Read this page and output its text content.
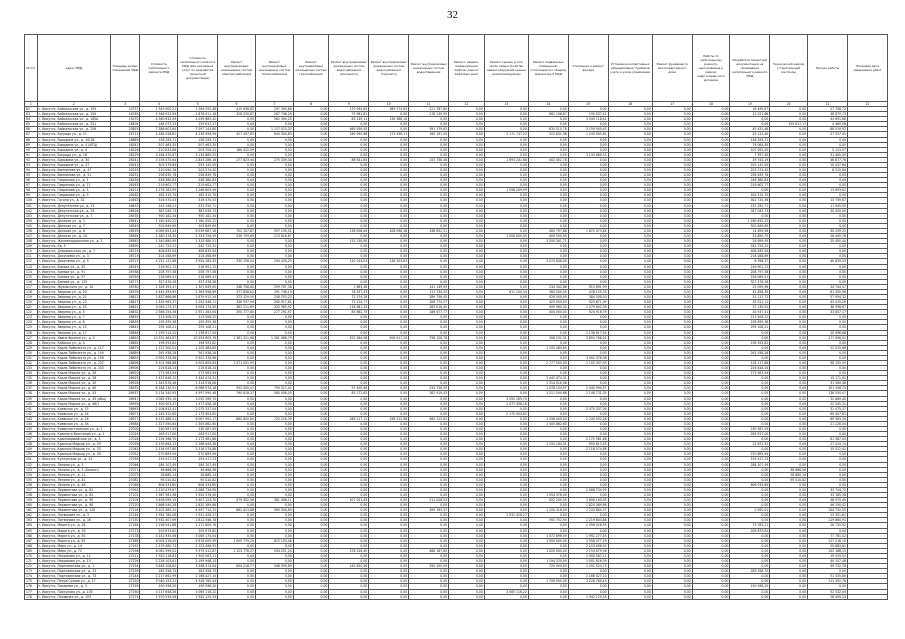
32
№ п/п	Адрес МКД	Площадь жилых помещений МКД	Стоимость капитального ремонта МКД	Стоимость капитального ремонта МКД (без указанных услуг по разработке проектной документации)	Ремонт внутридомовых инженерных систем электроснабжения	Ремонт внутридомовых инженерных систем теплоснабжения	Ремонт внутридомовых инженерных систем газоснабжения	Ремонт внутридомовых инженерных систем водоснабжения (холодного)	Ремонт внутридомовых инженерных систем водоснабжения (горячего)	Ремонт внутридомовых инженерных систем водоотведения	Ремонт, замена, модернизация лифтов, ремонт лифтовых шахт	Ремонт крыши, в том числе переустройство невентилируемой крыши на вентилируемую	Ремонт подвальных помещений, относящихся к общему имуществу в МКД	Утепление и ремонт фасада	Установка коллективных (общедомовых) приборов учета и узлов управления	Ремонт фундамента многоквартирного дома	Работы по капитальному ремонту, выполняемые в рамках энергосервисного договора	Разработка проектной документации на проведение капитального ремонта МКД	Технический надзор (строительный контроль)	Прочие работы	Плановая дата завершения работ
1	2	3	4	5	6	7	8	9	10	11	12	13	14	15	16	17	18	19	20	21	22
82	г. Иркутск, Байкальская ул., д. 155	10737	1 343 900,21	1 264 292,48	419 638,83	297 305,69	0,00	170 594,83	389 574,63	221 787,80	0,00	0,00	0,00	0,00	0,00	0,00	0,00	16 499,87	0,00	27 758,72	
83	г. Иркутск, Байкальская ул., д. 159	16785	1 948 912,94	1 876 411,18	328 239,87	267 746,25	0,00	75 961,81	0,00	278 139,55	0,00	0,00	681 196,87	190 037,41	0,00	0,00	0,00	13 221,86	0,00	38 879,73	
84	г. Иркутск, Байкальская ул., д. 160А	15070	4 360 632,09	4 039 685,42	0,00	562 394,25	0,00	83 149,11	136 386,10	0,00	0,00	0,00	0,00	3 049 718,42	0,00	0,00	0,00	0,00	0,00	43 691,68	
85	г. Иркутск, Байкальская ул., д. 251	18404	164 077,25	159 617,17	0,00	0,00	0,00	0,00	0,00	0,00	0,00	0,00	0,00	0,00	0,00	0,00	0,00	0,00	159 617,17	4 460,08	
86	г. Иркутск, Байкальская ул., д. 256	23855	7 388 607,84	7 097 143,80	0,00	1 117 023,37	0,00	469 556,45	0,00	391 179,63	0,00	0,00	835 510,78	3 159 900,45	0,00	0,00	0,00	45 431,48	0,00	88 519,92	
87	г. Иркутск, Бограда ул., д. 11	16711	4 184 026,82	4 156 956,94	427 447,83	640 304,83	0,00	160 990,68	173 436,11	160 191,43	0,00	1 171 737,22	322 631,36	1 243 905,61	0,00	0,00	0,00	29 112,40	0,00	37 257,45	
88	г. Иркутск, Бородина ул., д. 10/18	16689	156 295,71	156 295,71	0,00	0,00	0,00	0,00	0,00	0,00	0,00	0,00	0,00	0,00	0,00	0,00	0,00	156 295,71	0,00	0,00	
89	г. Иркутск, Бородина ул., д. 4 (ИТЦ)	16241	507 463,35	507 463,35	0,00	0,00	0,00	0,00	0,00	0,00	0,00	0,00	0,00	0,00	0,00	0,00	0,00	76 064,45	0,00	0,00	
90	г. Иркутск, Бородина ул., д. 6	16226	210 833,66	203 708,41	166 422,59	0,00	0,00	0,00	0,00	0,00	0,00	0,00	0,00	0,00	0,00	0,00	0,00	107 592,55	0,00	5 123,97	
91	г. Иркутск, Бограда ул., д. 18	26229	3 164 470,87	3 135 869,52	0,00	0,00	0,00	0,00	0,00	0,00	0,00	0,00	0,00	3 133 869,52	0,00	0,00	0,00	7 597,45	0,00	31 405,00	
92	г. Иркутск, Бородина ул., д. 30	26241	3 156 475,64	2 843 286,18	277 823,44	275 339,34	0,00	86 921,85	0,00	153 758,38	0,00	1 693 241,88	402 452,78	0,00	0,00	0,00	0,00	39 743,19	0,00	46 877,76	
93	г. Иркутск, Бородина ул., д. 37	26243	303 579,64	293 142,00	0,00	0,00	0,00	0,00	0,00	0,00	0,00	0,00	0,00	0,00	0,00	0,00	0,00	293 142,00	0,00	10 437,64	
94	г. Иркутск, Вампилова ул., д. 47	20255	210 090,26	203 574,42	0,00	0,00	0,00	0,00	0,00	0,00	0,00	0,00	0,00	0,00	0,00	0,00	0,00	203 574,42	0,00	6 515,84	
95	г. Иркутск, Вампилова ул., д. 51	26252	258 639,78	258 639,78	0,00	0,00	0,00	0,00	0,00	0,00	0,00	0,00	0,00	0,00	0,00	0,00	0,00	258 639,78	0,00	0,00	
96	г. Иркутск, Гаврилова ул., д. 1	26256	246 380,83	246 380,83	0,00	0,00	0,00	0,00	0,00	0,00	0,00	0,00	0,00	0,00	0,00	0,00	0,00	246 380,83	0,00	0,00	
97	г. Иркутск, Гаврилова ул., д. 11	26263	219 602,77	219 602,77	0,00	0,00	0,00	0,00	0,00	0,00	0,00	0,00	0,00	0,00	0,00	0,00	0,00	219 602,77	0,00	0,00	
98	г. Иркутск, Гаврилова ул., д. 3	26221	1 276 163,95	1 266 809,99	0,00	0,00	0,00	0,00	0,00	0,00	0,00	1 058 209,99	0,00	0,00	0,00	0,00	0,00	0,00	0,00	13 893,61	
99	г. Иркутск, Гаврилова ул., д. 9	26262	162 515,70	162 515,70	0,00	0,00	0,00	0,00	0,00	0,00	0,00	0,00	0,00	0,00	0,00	0,00	0,00	162 515,70	0,00	0,00	
100	г. Иркутск, Гоголя ул., д. 32	20463	316 470,03	316 470,03	0,00	0,00	0,00	0,00	0,00	0,00	0,00	0,00	0,00	0,00	0,00	0,00	0,00	302 720,36	0,00	13 749,67	
101	г. Иркутск, Депутатская ул., д. 13	26452	243 196,21	231 250,71	0,00	0,00	0,00	0,00	0,00	0,00	0,00	0,00	0,00	0,00	0,00	0,00	0,00	231 250,71	0,00	11 945,50	
102	г. Иркутск, Депутатская ул., д. 33	26526	387 049,73	387 049,73	0,00	0,00	0,00	0,00	0,00	0,00	0,00	0,00	0,00	0,00	0,00	0,00	0,00	357 049,73	0,00	30 000,00	
103	г. Иркутск, Депутатская ул., д. 7	26535	950 182,34	950 182,34	0,00	0,00	0,00	0,00	0,00	0,00	0,00	0,00	0,00	0,00	0,00	0,00	0,00	0,00	0,00	0,00	
104	г. Иркутск, Донская ул., д. 1	26541	1 160 450,22	1 160 450,22	0,00	0,00	0,00	0,00	0,00	0,00	0,00	0,00	0,00	0,00	0,00	0,00	0,00	1 160 450,22	0,00	0,00	
105	г. Иркутск, Донская ул., д. 7	26549	502 849,69	502 849,69	0,00	0,00	0,00	0,00	0,00	0,00	0,00	0,00	0,00	0,00	0,00	0,00	0,00	502 849,69	0,00	0,00	
106	г. Иркутск, Донская ул., д. 8	26559	6 089 653,44	6 039 687,16	752 157,87	957 190,31	0,00	136 008,64	108 098,38	336 652,51	0,00	0,00	400 797,88	1 672 473,64	0,00	0,00	0,00	14 659,56	0,00	50 259,22	
107	г. Иркутск, Донская ул., д. 14	26564	2 380 176,35	2 353 726,59	236 709,89	213 416,87	0,00	0,00	0,00	0,00	0,00	1 000 000,00	404 500,00	0,00	0,00	0,00	0,00	53 890,75	0,00	26 449,76	
108	г. Иркутск, Железнодорожная ул., д. 3	26583	1 340 880,95	1 315 480,51	0,00	0,00	0,00	115 138,80	0,00	0,00	0,00	0,00	1 200 341,71	0,00	0,00	0,00	0,00	26 699,93	0,00	25 400,44	
109	г. Иркутск, Кв. 3	26590	242 725,22	242 725,22	0,00	0,00	0,00	0,00	0,00	0,00	0,00	0,00	0,00	0,00	0,00	0,00	0,00	242 725,22	0,00	0,00	
110	г. Иркутск, Дзержинского ул., д. 7	26715	406 835,94	406 835,94	0,00	0,00	0,00	0,00	0,00	0,00	0,00	0,00	0,00	0,00	0,00	0,00	0,00	406 835,94	0,00	0,00	
111	г. Иркутск, Докучаева ул., д. 3	26723	214 268,69	214 268,69	0,00	0,00	0,00	0,00	0,00	0,00	0,00	0,00	0,00	0,00	0,00	0,00	0,00	214 268,69	0,00	0,00	
112	г. Иркутск, Докучаева ул., д. 5	26727	4 251 122,68	3 954 283,35	330 256,04	294 433,29	0,00	110 144,03	138 205,62	0,00	0,00	0,00	3 074 848,00	0,00	0,00	0,00	0,00	6 396,37	0,00	46 839,33	
113	г. Иркутск, Ермака ул., д. 35	26745	216 901,12	216 901,12	0,00	0,00	0,00	0,00	0,00	0,00	0,00	0,00	0,00	0,00	0,00	0,00	0,00	216 901,12	0,00	0,00	
114	г. Иркутск, Ермака ул., д. 91	26768	208 797,58	208 797,58	0,00	0,00	0,00	0,00	0,00	0,00	0,00	0,00	0,00	0,00	0,00	0,00	0,00	208 797,58	0,00	0,00	
115	г. Иркутск, Ермака ул., д. 97	26769	218 089,41	218 089,41	0,00	0,00	0,00	0,00	0,00	0,00	0,00	0,00	0,00	0,00	0,00	0,00	0,00	218 089,41	0,00	0,00	
116	г. Иркутск, Ермака ул., д. 125	26771	327 476,28	327 476,28	0,00	0,00	0,00	0,00	0,00	0,00	0,00	0,00	0,00	0,00	0,00	0,00	0,00	327 476,28	0,00	0,00	
117	г. Иркутск, Жуковского ул., д. 14	26780	1 326 393,47	1 301 649,00	348 758,80	299 767,38	0,00	1 663,36	0,00	141 149,93	0,00	0,00	234 342,86	915 891,99	0,00	0,00	0,00	25 059,96	0,00	24 744,47	
118	г. Иркутск, Зверева ул., д. 20	26799	2 445 459,65	2 363 958,69	377 838,62	291 746,19	0,00	78 557,33	0,00	117 734,33	0,00	611 100,54	384 000,00	478 125,33	0,00	0,00	0,00	42 856,35	0,00	81 500,96	
119	г. Иркутск, Зверева ул., д. 21	26812	1 837 866,86	1 879 912,54	373 329,50	258 703,23	0,00	72 574,18	0,00	289 756,45	0,00	0,00	428 000,00	384 000,00	0,00	0,00	0,00	31 117,72	0,00	57 954,32	
120	г. Иркутск, Зверева ул., д. 23	26817	2 335 963,37	2 292 548,11	346 937,94	260 917,81	0,00	72 214,77	0,00	208 774,57	0,00	0,00	423 000,00	925 871,99	0,00	0,00	0,00	35 011,11	0,00	43 415,26	
121	г. Иркутск, Зверева ул., д. 25	26821	3 043 173,37	3 004 174,50	382 211,69	325 983,92	0,00	118 981,32	0,00	283 018,40	0,00	0,00	495 980,32	1 279 802,09	0,00	0,00	0,00	37 139,52	0,00	38 998,87	
122	г. Иркутск, Зверева ул., д. 5	26832	2 586 254,56	2 551 283,04	350 777,80	277 291,97	0,00	85 662,75	0,00	186 477,77	0,00	0,00	404 000,00	924 916,79	0,00	0,00	0,00	30 937,41	0,00	33 857,17	
123	г. Иркутск, Зверева ул., д. 7	26835	213 506,22	213 506,22	0,00	0,00	0,00	0,00	0,00	0,00	0,00	0,00	0,00	0,00	0,00	0,00	0,00	213 506,22	0,00	0,00	
124	г. Иркутск, Зверева ул., д. 8	26839	195 495,38	195 495,38	0,00	0,00	0,00	0,00	0,00	0,00	0,00	0,00	0,00	0,00	0,00	0,00	0,00	195 495,38	0,00	0,00	
125	г. Иркутск, Зверева ул., д. 15	26845	295 108,21	295 108,21	0,00	0,00	0,00	0,00	0,00	0,00	0,00	0,00	0,00	0,00	0,00	0,00	0,00	295 108,21	0,00	0,00	
126	г. Иркутск, Зверева ул., д. 17	26846	1 159 114,22	1 138 617,54	0,00	0,00	0,00	0,00	0,00	0,00	0,00	0,00	0,00	1 138 617,54	0,00	0,00	0,00	0,00	0,00	20 496,68	
127	г. Иркутск, Ивана Франко ул., д. 2	26850	10 331 463,87	10 254 605,76	1 361 311,68	1 261 086,79	0,00	523 264,98	506 917,29	758 126,78	0,00	0,00	306 232,31	3 850 768,51	0,00	0,00	0,00	0,00	0,00	177 056,01	
128	г. Иркутск, Кайская ул., д. 4	26862	196 593,82	196 593,82	0,00	0,00	0,00	0,00	0,00	0,00	0,00	0,00	0,00	0,00	0,00	0,00	0,00	196 593,82	0,00	0,00	
129	г. Иркутск, Карла Либкнехта ул., д. 117	26879	1 127 500,51	1 105 484,85	0,00	0,00	0,00	0,00	0,00	0,00	0,00	0,00	1 105 484,85	0,00	0,00	0,00	0,00	0,00	0,00	22 015,66	
130	г. Иркутск, Карла Либкнехта ул., д. 149	26889	261 938,26	261 938,26	0,00	0,00	0,00	0,00	0,00	0,00	0,00	0,00	0,00	0,00	0,00	0,00	0,00	261 938,26	0,00	0,00	
131	г. Иркутск, Карла Либкнехта ул., д. 156	26893	3 902 378,98	3 902 378,98	0,00	0,00	0,00	0,00	0,00	0,00	0,00	0,00	0,00	3 902 378,98	0,00	0,00	0,00	0,00	0,00	0,00	
132	г. Иркутск, Карла Либкнехта ул., д. 237	26898	5 101 968,88	5 003 809,83	1 071 001,90	0,00	0,00	0,00	0,00	0,00	0,00	0,00	2 777 500,00	1 155 307,93	0,00	0,00	0,00	128 117,88	0,00	98 159,05	
133	г. Иркутск, Карла Либкнехта ул., д. 243	26906	216 818,24	216 818,24	0,00	0,00	0,00	0,00	0,00	0,00	0,00	0,00	0,00	0,00	0,00	0,00	0,00	216 818,24	0,00	0,00	
134	г. Иркутск, Карла Маркса ул., д. 26	26920	273 563,94	273 563,94	0,00	0,00	0,00	0,00	0,00	0,00	0,00	0,00	0,00	0,00	0,00	0,00	0,00	273 563,94	0,00	0,00	
135	г. Иркутск, Карла Маркса ул., д. 28	26925	1 457 646,12	1 442 474,31	0,00	0,00	0,00	0,00	0,00	0,00	0,00	0,00	1 442 474,31	0,00	0,00	0,00	0,00	0,00	0,00	15 171,81	
136	г. Иркутск, Карла Маркса ул., д. 30	26928	1 345 876,46	1 314 516,08	0,00	0,00	0,00	0,00	0,00	0,00	0,00	0,00	1 314 516,08	0,00	0,00	0,00	0,00	0,00	0,00	31 360,38	
137	г. Иркутск, Карла Маркса ул., д. 40	26932	6 168 130,91	6 066 574,18	952 000,47	759 317,42	0,00	97 400,46	0,00	233 756,29	0,00	0,00	1 578 104,97	2 445 994,57	0,00	0,00	0,00	0,00	0,00	101 556,73	
138	г. Иркутск, Карла Маркса ул., д. 43	26937	5 134 540,95	4 997 990,48	790 618,37	580 008,05	0,00	83 172,62	0,00	182 919,43	0,00	0,00	1 212 540,66	2 148 731,35	0,00	0,00	0,00	0,00	0,00	136 550,47	
139	г. Иркутск, Карла Маркса ул., д. 45 (общ)	26947	3 082 939,10	3 050 269,70	0,00	0,00	0,00	0,00	0,00	0,00	0,00	3 050 269,70	0,00	0,00	0,00	0,00	0,00	0,00	0,00	32 669,40	
140	г. Иркутск, Карла Маркса ул., д. 46/1	26955	1 500 003,47	1 477 458,16	0,00	0,00	0,00	0,00	0,00	0,00	0,00	1 477 458,16	0,00	0,00	0,00	0,00	0,00	0,00	0,00	22 545,31	
141	г. Иркутск, Киевская ул., д. 15	26963	2 106 812,41	2 075 337,04	0,00	0,00	0,00	0,00	0,00	0,00	0,00	0,00	0,00	2 075 337,04	0,00	0,00	0,00	0,00	0,00	31 475,37	
142	г. Иркутск, Киевская ул., д. 24	26971	2 245 312,65	2 175 904,82	0,00	0,00	0,00	0,00	0,00	0,00	0,00	2 175 904,82	0,00	0,00	0,00	0,00	0,00	0,00	0,00	69 407,83	
143	г. Иркутск, Киевская ул., д. 26	26977	6 137 488,51	6 067 905,17	860 800,80	725 216,39	0,00	286 217,12	198 512,98	460 225,62	0,00	0,00	1 296 000,00	2 240 932,26	0,00	0,00	0,00	0,00	0,00	69 583,34	
144	г. Иркутск, Киевская ул., д. 34	26984	1 327 090,64	1 305 862,60	0,00	0,00	0,00	0,00	0,00	0,00	0,00	0,00	1 305 862,60	0,00	0,00	0,00	0,00	0,00	0,00	21 228,04	
145	г. Иркутск, Коммунистическая ул., д. 1	27000	230 587,05	230 587,05	0,00	0,00	0,00	0,00	0,00	0,00	0,00	0,00	0,00	0,00	0,00	0,00	0,00	230 587,05	0,00	0,00	
146	г. Иркутск, Красного Восстания ул., д. 1	27024	263 917,00	263 917,00	0,00	0,00	0,00	0,00	0,00	0,00	0,00	0,00	0,00	0,00	0,00	0,00	0,00	263 917,00	0,00	0,00	
147	г. Иркутск, Красноармейская ул., д. 3	27028	2 234 568,70	2 172 981,66	0,00	0,00	0,00	0,00	0,00	0,00	0,00	0,00	0,00	2 172 981,66	0,00	0,00	0,00	0,00	0,00	61 587,04	
148	г. Иркутск, Красных Мадьяр ул., д. 29	27039	2 195 864,12	2 168 449,38	0,00	0,00	0,00	0,00	0,00	0,00	0,00	0,00	1 195 164,31	950 613,55	0,00	0,00	0,00	22 671,52	0,00	27 414,74	
149	г. Иркутск, Красных Мадьяр ул., д. 33	27045	2 134 097,80	2 118 574,88	0,00	0,00	0,00	0,00	0,00	0,00	0,00	0,00	0,00	2 118 574,88	0,00	0,00	0,00	0,00	0,00	15 522,92	
150	г. Иркутск, Красных Мадьяр ул., д. 39	27052	270 895,94	270 895,94	0,00	0,00	0,00	0,00	0,00	0,00	0,00	0,00	0,00	0,00	0,00	0,00	0,00	270 895,94	0,00	0,00	
151	г. Иркутск, Култукская ул., д. 13	27056	193 417,23	193 417,23	0,00	0,00	0,00	0,00	0,00	0,00	0,00	0,00	0,00	0,00	0,00	0,00	0,00	193 417,23	0,00	0,00	
152	г. Иркутск, Лапина ул., д. 3	27066	284 107,49	284 107,49	0,00	0,00	0,00	0,00	0,00	0,00	0,00	0,00	0,00	0,00	0,00	0,00	0,00	284 107,49	0,00	0,00	
153	г. Иркутск, Ленина ул., д. 3 (Балкон)	27071	36 666,56	36 666,56	0,00	0,00	0,00	0,00	0,00	0,00	0,00	0,00	0,00	0,00	0,00	0,00	0,00	0,00	36 666,56	0,00	
154	г. Иркутск, Ленина ул., д. 11	27075	28 860,14	28 860,14	0,00	0,00	0,00	0,00	0,00	0,00	0,00	0,00	0,00	0,00	0,00	0,00	0,00	0,00	28 860,14	0,00	
155	г. Иркутск, Ленина ул., д. 42	27082	95 010,82	95 010,82	0,00	0,00	0,00	0,00	0,00	0,00	0,00	0,00	0,00	0,00	0,00	0,00	0,00	0,00	95 010,82	0,00	
156	г. Иркутск, Ленина ул., д. 46	27088	606 533,60	606 533,60	0,00	0,00	0,00	0,00	0,00	0,00	0,00	0,00	0,00	0,00	0,00	0,00	0,00	606 533,60	0,00	0,00	
157	г. Иркутск, Лермонтова ул., д. 81	27092	2 120 479,67	2 086 734,95	0,00	0,00	0,00	0,00	0,00	0,00	0,00	0,00	0,00	2 086 734,95	0,00	0,00	0,00	0,00	0,00	33 744,72	
158	г. Иркутск, Лермонтова ул., д. 83	27101	1 987 561,98	1 954 376,40	0,00	0,00	0,00	0,00	0,00	0,00	0,00	0,00	1 954 376,40	0,00	0,00	0,00	0,00	0,00	0,00	33 185,58	
159	г. Иркутск, Лермонтова ул., д. 90	27104	3 456 099,15	3 407 123,70	479 302,56	381 408,11	0,00	107 021,45	0,00	211 028,53	0,00	0,00	622 200,00	1 606 163,05	0,00	0,00	0,00	0,00	0,00	48 975,45	
160	г. Иркутск, Лермонтова ул., д. 96	27120	1 866 540,28	1 820 389,86	0,00	0,00	0,00	0,00	0,00	0,00	0,00	0,00	0,00	1 820 389,86	0,00	0,00	0,00	0,00	0,00	46 150,42	
161	г. Иркутск, Лермонтова ул., д. 126	27124	5 102 465,22	4 997 712,72	682 413,88	569 004,69	0,00	0,00	0,00	399 163,37	0,00	0,00	1 100 316,40	2 243 864,37	0,00	0,00	0,00	2 950,01	0,00	104 752,50	
162	г. Иркутск, Литвинова ул., д. 3	27144	1 954 780,08	1 931 428,27	0,00	0,00	0,00	0,00	0,00	0,00	0,00	1 931 428,27	0,00	0,00	0,00	0,00	0,00	0,00	0,00	23 351,81	
163	г. Иркутск, Литвинова ул., д. 16	27150	2 932 407,69	2 812 546,78	0,00	0,00	0,00	0,00	0,00	0,00	0,00	0,00	592 702,90	2 219 843,88	0,00	0,00	0,00	0,00	0,00	119 860,91	
164	г. Иркутск, Марата ул., д. 26	27164	2 198 541,68	2 171 809,76	0,00	0,00	0,00	0,00	0,00	0,00	0,00	0,00	0,00	2 096 026,55	0,00	0,00	0,00	75 783,21	0,00	26 731,92	
165	г. Иркутск, Марата ул., д. 29	27173	209 879,62	209 879,62	0,00	0,00	0,00	0,00	0,00	0,00	0,00	0,00	0,00	0,00	0,00	0,00	0,00	209 879,62	0,00	0,00	
166	г. Иркутск, Марата ул., д. 50	27178	3 142 935,06	3 065 174,04	0,00	0,00	0,00	0,00	0,00	0,00	0,00	0,00	1 072 896,59	1 992 277,45	0,00	0,00	0,00	0,00	0,00	77 761,02	
167	г. Иркутск, Марата ул., д. 62	27186	6 003 226,05	5 876 009,95	1 005 779,20	812 153,46	0,00	0,00	0,00	0,00	0,00	0,00	1 500 000,00	2 558 077,29	0,00	0,00	0,00	0,00	0,00	127 216,10	
168	г. Иркутск, Мира ул., д. 14	27192	2 179 380,73	2 153 496,92	0,00	0,00	0,00	0,00	0,00	0,00	0,00	0,00	0,00	2 153 496,92	0,00	0,00	0,00	0,00	0,00	25 883,81	
169	г. Иркутск, Мира ул., д. 72	27198	6 081 599,02	5 979 412,87	1 123 778,27	934 251,24	0,00	278 316,40	0,00	468 187,60	0,00	0,00	1 020 000,00	2 154 879,36	0,00	0,00	0,00	0,00	0,00	102 186,15	
170	г. Иркутск, Некрасова ул., д. 11	27211	1 920 116,63	1 900 587,11	0,00	0,00	0,00	0,00	0,00	0,00	0,00	0,00	0,00	1 900 587,11	0,00	0,00	0,00	0,00	0,00	19 529,52	
171	г. Иркутск, Некрасова ул., д. 13	27226	2 236 103,61	2 195 946,13	0,00	0,00	0,00	0,00	0,00	0,00	0,00	0,00	1 194 320,04	1 001 626,09	0,00	0,00	0,00	0,00	0,00	40 157,48	
172	г. Иркутск, Партизанская ул., д. 1	27234	3 648 106,82	3 598 374,04	604 218,77	546 909,89	0,00	145 620,56	0,00	290 100,09	0,00	0,00	720 000,00	1 291 524,73	0,00	0,00	0,00	0,00	0,00	49 732,78	
173	г. Иркутск, Партизанская ул., д. 15	27239	283 558,75	283 558,75	0,00	0,00	0,00	0,00	0,00	0,00	0,00	0,00	0,00	0,00	0,00	0,00	0,00	283 558,75	0,00	0,00	
174	г. Иркутск, Партизанская ул., д. 73	27244	2 217 862,99	2 166 427,10	0,00	0,00	0,00	0,00	0,00	0,00	0,00	0,00	0,00	2 166 427,10	0,00	0,00	0,00	0,00	0,00	51 435,89	
175	г. Иркутск, Петра Сухова ул., д. 17	27250	5 040 153,21	4 928 760,43	0,00	0,00	0,00	0,00	0,00	0,00	0,00	0,00	1 700 000,00	3 228 760,43	0,00	0,00	0,00	0,00	0,00	111 392,78	
176	г. Иркутск, Писарева ул., д. 3	27256	190 598,20	190 598,20	0,00	0,00	0,00	0,00	0,00	0,00	0,00	0,00	0,00	0,00	0,00	0,00	0,00	190 598,20	0,00	0,00	
177	г. Иркутск, Пискунова ул., д. 150	27260	3 117 648,26	3 065 116,22	0,00	0,00	0,00	0,00	0,00	0,00	0,00	3 065 116,22	0,00	0,00	0,00	0,00	0,00	0,00	0,00	52 532,04	
178	г. Иркутск, Полярная ул., д. 103	27274	1 970 534,56	1 942 125,33	0,00	0,00	0,00	0,00	0,00	0,00	0,00	0,00	0,00	1 942 125,33	0,00	0,00	0,00	0,00	0,00	28 409,23	
